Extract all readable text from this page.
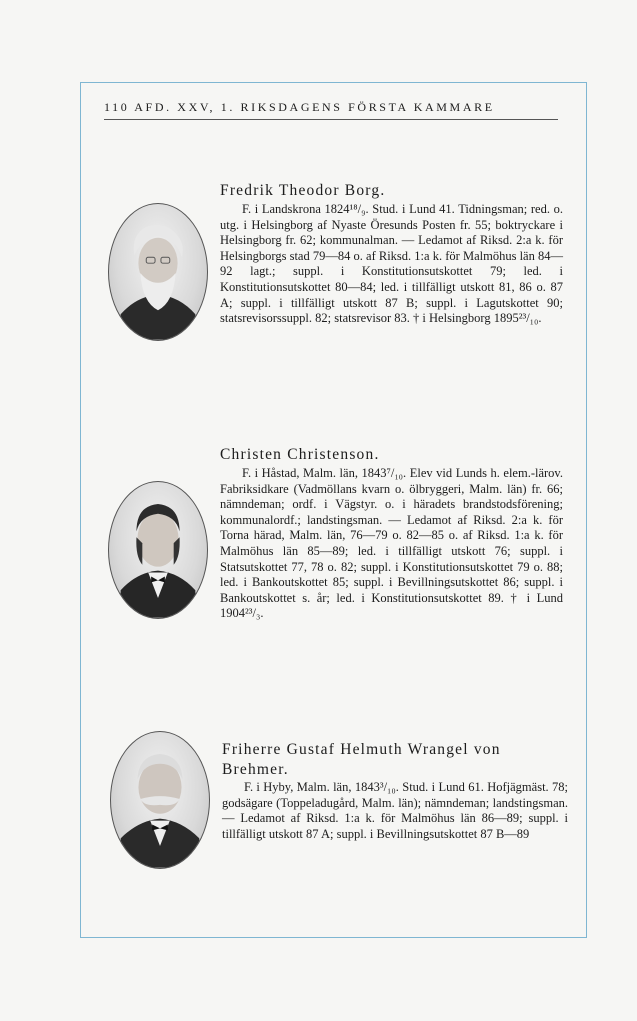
110 AFD. XXV, 1. RIKSDAGENS FÖRSTA KAMMARE
Fredrik Theodor Borg.

F. i Landskrona 1824¹⁸/₉. Stud. i Lund 41. Tidningsman; red. o. utg. i Helsingborg af Nyaste Öresunds Posten fr. 55; boktryckare i Helsingborg fr. 62; kommunalman. — Ledamot af Riksd. 2:a k. för Helsingborgs stad 79—84 o. af Riksd. 1:a k. för Malmöhus län 84—92 lagt.; suppl. i Konstitutionsutskottet 79; led. i Konstitutionsutskottet 80—84; led. i tillfälligt utskott 81, 86 o. 87 A; suppl. i tillfälligt utskott 87 B; suppl. i Lagutskottet 90; statsrevisorssuppl. 82; statsrevisor 83. † i Helsingborg 1895²³/₁₀.

Christen Christenson.

F. i Håstad, Malm. län, 1843⁷/₁₀. Elev vid Lunds h. elem.-lärov. Fabriksidkare (Vadmöllans kvarn o. ölbryggeri, Malm. län) fr. 66; nämndeman; ordf. i Vägstyr. o. i häradets brandstodsförening; kommunalordf.; landstingsman. — Ledamot af Riksd. 2:a k. för Torna härad, Malm. län, 76—79 o. 82—85 o. af Riksd. 1:a k. för Malmöhus län 85—89; led. i tillfälligt utskott 76; suppl. i Statsutskottet 77, 78 o. 82; suppl. i Konstitutionsutskottet 79 o. 88; led. i Bankoutskottet 85; suppl. i Bevillningsutskottet 86; suppl. i Bankoutskottet s. år; led. i Konstitutionsutskottet 89. † i Lund 1904²³/₃.

Friherre Gustaf Helmuth Wrangel von Brehmer.

F. i Hyby, Malm. län, 1843³/₁₀. Stud. i Lund 61. Hofjägmäst. 78; godsägare (Toppeladugård, Malm. län); nämndeman; landstingsman. — Ledamot af Riksd. 1:a k. för Malmöhus län 86—89; suppl. i tillfälligt utskott 87 A; suppl. i Bevillningsutskottet 87 B—89
